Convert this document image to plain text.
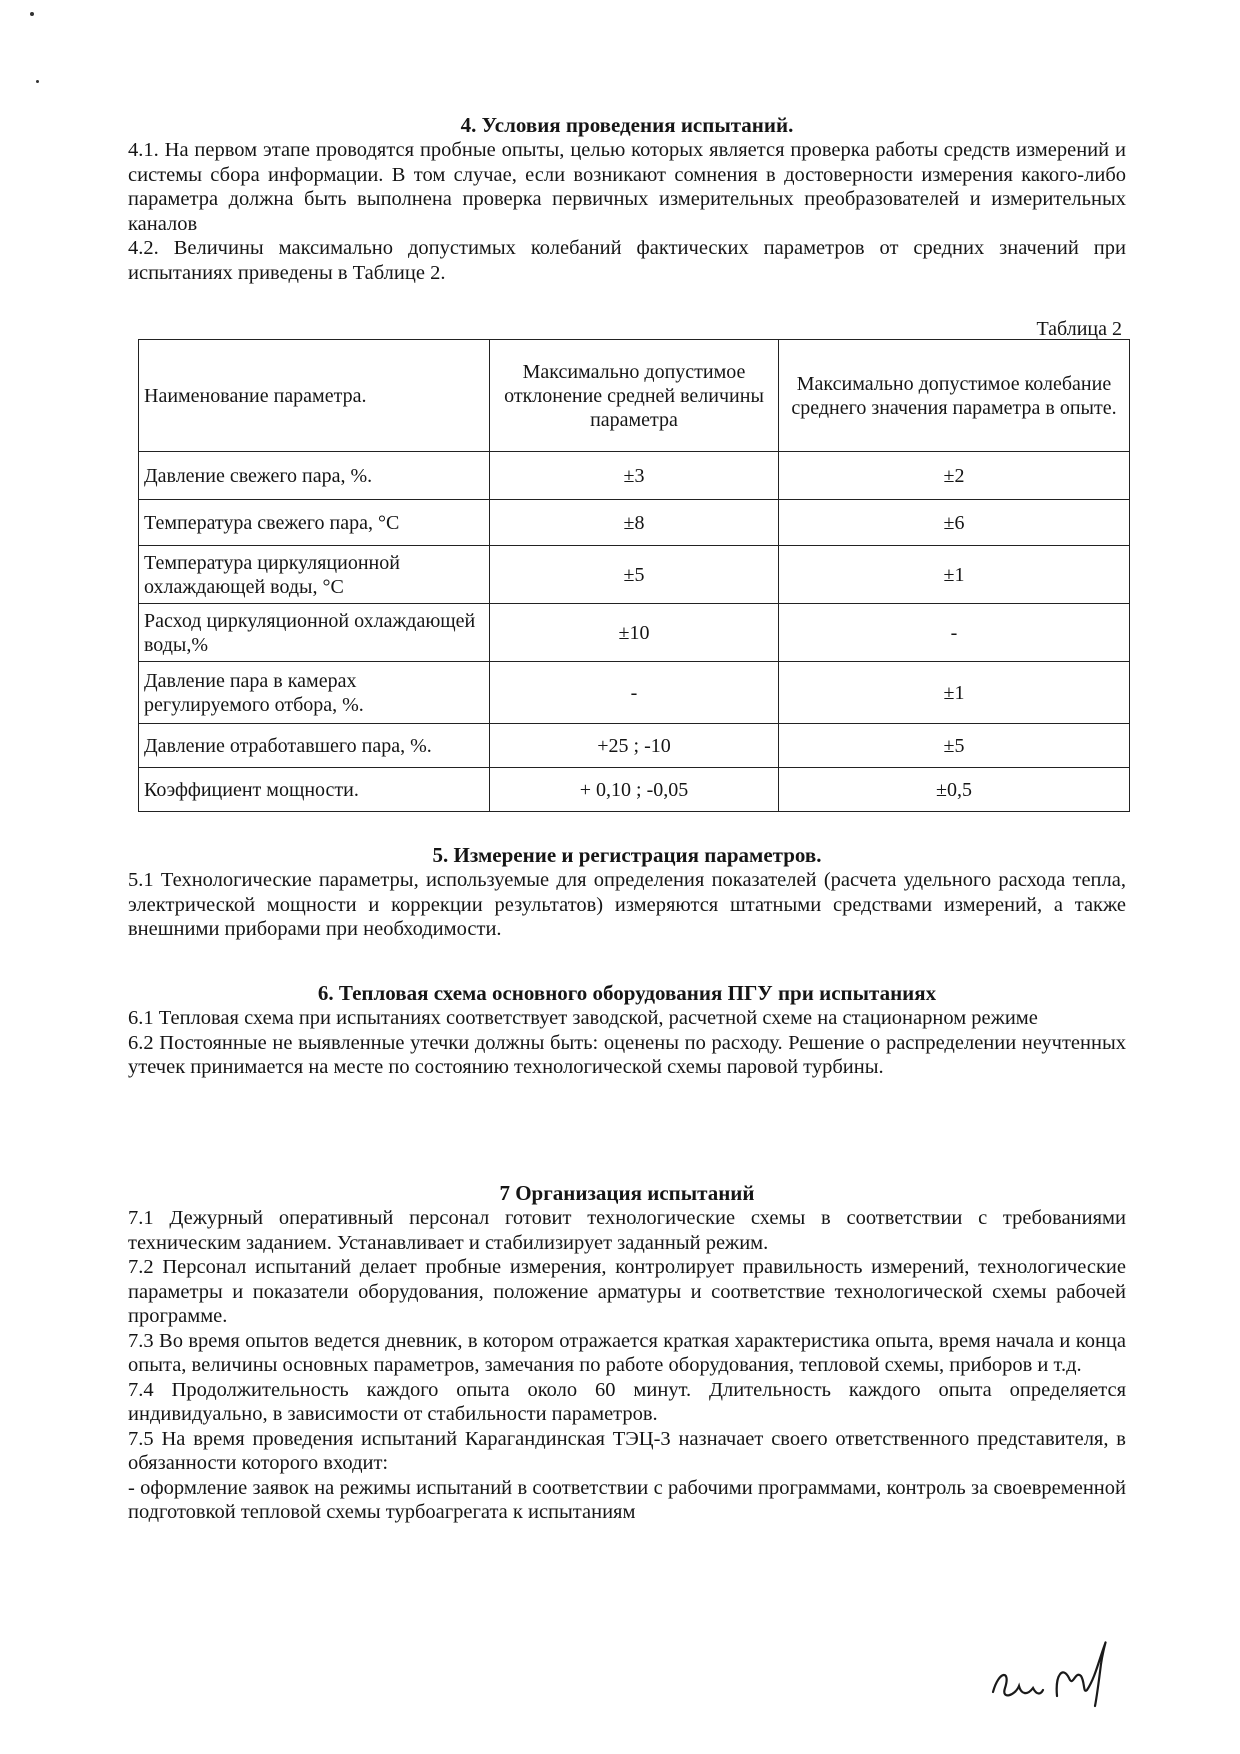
4. Условия проведения испытаний.

4.1. На первом этапе проводятся пробные опыты, целью которых является проверка работы средств измерений и системы сбора информации. В том случае, если возникают сомнения в достоверности измерения какого-либо параметра должна быть выполнена проверка первичных измерительных преобразователей и измерительных каналов

4.2. Величины максимально допустимых колебаний фактических параметров от средних значений при испытаниях приведены в Таблице 2.

Таблица 2
Наименование параметра.	Максимально допустимое отклонение средней величины параметра	Максимально допустимое колебание среднего значения параметра в опыте.
Давление свежего пара, %.	±3	±2
Температура свежего пара, °С	±8	±6
Температура циркуляционной охлаждающей воды, °С	±5	±1
Расход циркуляционной охлаждающей воды,%	±10	-
Давление пара в камерах регулируемого отбора, %.	-	±1
Давление отработавшего пара, %.	+25 ; -10	±5
Коэффициент мощности.	+ 0,10 ; -0,05	±0,5
5. Измерение и регистрация параметров.

5.1 Технологические параметры, используемые для определения показателей (расчета удельного расхода тепла, электрической мощности и коррекции результатов) измеряются штатными средствами измерений, а также внешними приборами при необходимости.

6. Тепловая схема основного оборудования ПГУ при испытаниях

6.1 Тепловая схема при испытаниях соответствует заводской, расчетной схеме на стационарном режиме

6.2 Постоянные не выявленные утечки должны быть: оценены по расходу. Решение о распределении неучтенных утечек принимается на месте по состоянию технологической схемы паровой турбины.

7 Организация испытаний

7.1 Дежурный оперативный персонал готовит технологические схемы в соответствии с требованиями техническим заданием. Устанавливает и стабилизирует заданный режим.

7.2 Персонал испытаний делает пробные измерения, контролирует правильность измерений, технологические параметры и показатели оборудования, положение арматуры и соответствие технологической схемы рабочей программе.

7.3 Во время опытов ведется дневник, в котором отражается краткая характеристика опыта, время начала и конца опыта, величины основных параметров, замечания по работе оборудования, тепловой схемы, приборов и т.д.

7.4 Продолжительность каждого опыта около 60 минут. Длительность каждого опыта определяется индивидуально, в зависимости от стабильности параметров.

7.5 На время проведения испытаний Карагандинская ТЭЦ-3 назначает своего ответственного представителя, в обязанности которого входит:

- оформление заявок на режимы испытаний в соответствии с рабочими программами, контроль за своевременной подготовкой тепловой схемы турбоагрегата к испытаниям
